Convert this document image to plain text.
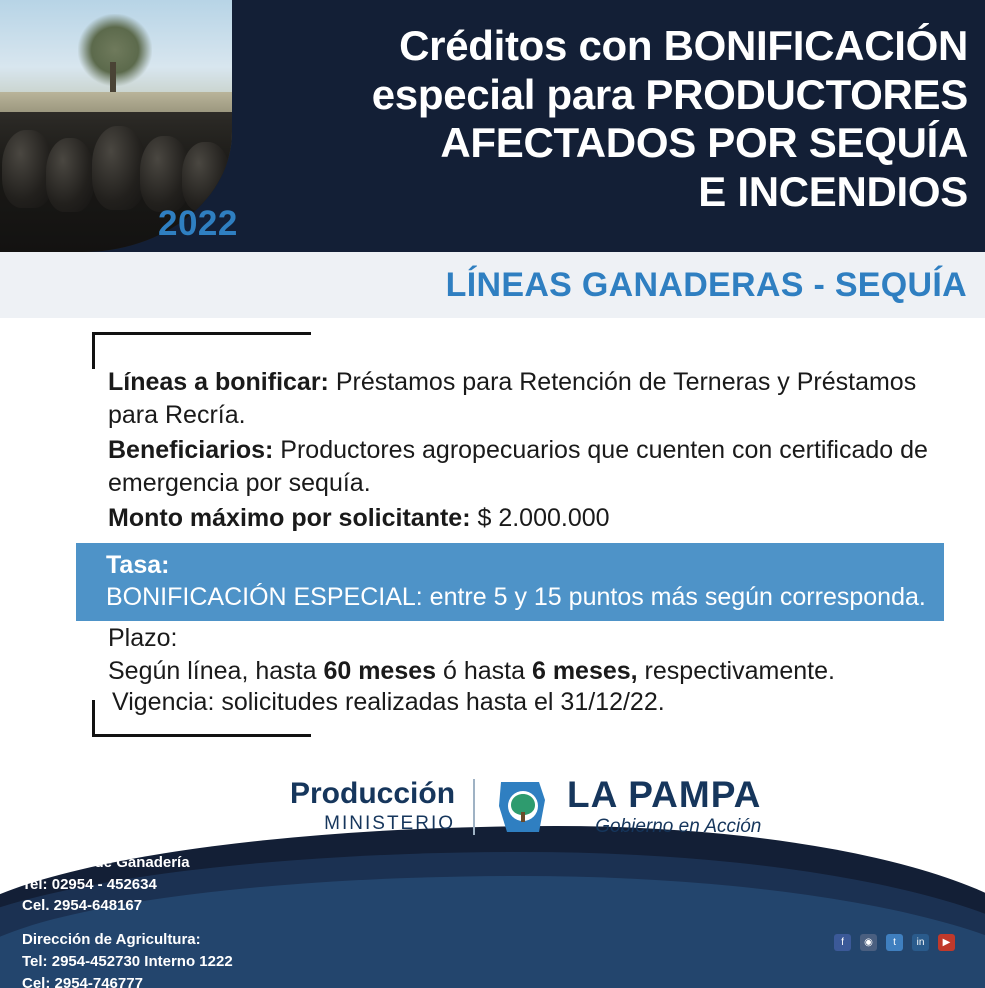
2022
Créditos con BONIFICACIÓN
especial para PRODUCTORES
AFECTADOS POR SEQUÍA
E INCENDIOS
LÍNEAS GANADERAS - SEQUÍA

Líneas a bonificar: Préstamos para Retención de Terneras y Préstamos para Recría.

Beneficiarios: Productores agropecuarios que cuenten con certificado de emergencia por sequía.

Monto máximo por solicitante: $ 2.000.000

Tasa:
BONIFICACIÓN ESPECIAL: entre 5 y 15 puntos más según corresponda.
Plazo:
Según línea, hasta 60 meses ó hasta 6 meses, respectivamente.
Vigencia: solicitudes realizadas hasta el 31/12/22.
Producción
MINISTERIO
LA PAMPA
Gobierno en Acción
Informes:
Dirección de Ganadería
Tel: 02954 - 452634
Cel. 2954-648167
Dirección de Agricultura:
Tel: 2954-452730 Interno 1222
Cel: 2954-746777
f	◉	t	in	▶
